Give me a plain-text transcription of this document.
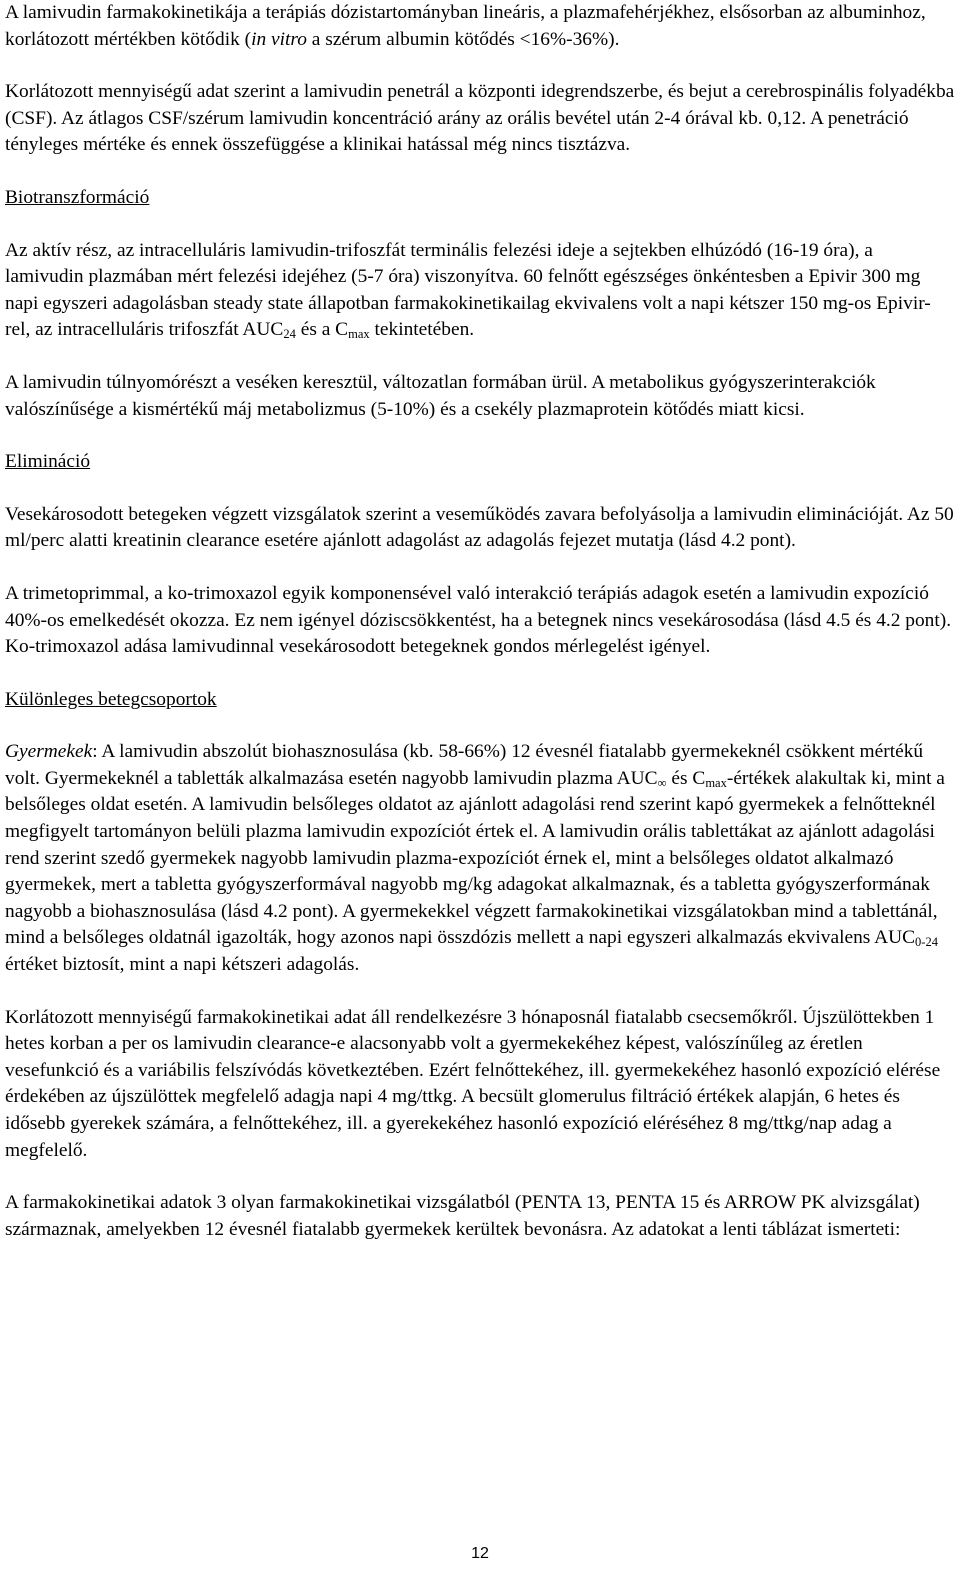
A lamivudin farmakokinetikája a terápiás dózistartományban lineáris, a plazmafehérjékhez, elsősorban az albuminhoz, korlátozott mértékben kötődik (in vitro a szérum albumin kötődés <16%-36%).

Korlátozott mennyiségű adat szerint a lamivudin penetrál a központi idegrendszerbe, és bejut a cerebrospinális folyadékba (CSF). Az átlagos CSF/szérum lamivudin koncentráció arány az orális bevétel után 2-4 órával kb. 0,12. A penetráció tényleges mértéke és ennek összefüggése a klinikai hatással még nincs tisztázva.

Biotranszformáció

Az aktív rész, az intracelluláris lamivudin-trifoszfát terminális felezési ideje a sejtekben elhúzódó (16-19 óra), a lamivudin plazmában mért felezési idejéhez (5-7 óra) viszonyítva. 60 felnőtt egészséges önkéntesben a Epivir 300 mg napi egyszeri adagolásban steady state állapotban farmakokinetikailag ekvivalens volt a napi kétszer 150 mg-os Epivir-rel, az intracelluláris trifoszfát $AUC_{24}$ és a $C_{max}$ tekintetében.

A lamivudin túlnyomórészt a veséken keresztül, változatlan formában ürül. A metabolikus gyógyszerinterakciók valószínűsége a kismértékű máj metabolizmus (5-10%) és a csekély plazmaprotein kötődés miatt kicsi.

Elimináció

Vesekárosodott betegeken végzett vizsgálatok szerint a veseműködés zavara befolyásolja a lamivudin eliminációját. Az 50 ml/perc alatti kreatinin clearance esetére ajánlott adagolást az adagolás fejezet mutatja (lásd 4.2 pont).

A trimetoprimmal, a ko-trimoxazol egyik komponensével való interakció terápiás adagok esetén a lamivudin expozíció 40%-os emelkedését okozza. Ez nem igényel dóziscsökkentést, ha a betegnek nincs vesekárosodása (lásd 4.5 és 4.2 pont). Ko-trimoxazol adása lamivudinnal vesekárosodott betegeknek gondos mérlegelést igényel.

Különleges betegcsoportok

Gyermekek: A lamivudin abszolút biohasznosulása (kb. 58-66%) 12 évesnél fiatalabb gyermekeknél csökkent mértékű volt. Gyermekeknél a tabletták alkalmazása esetén nagyobb lamivudin plazma $AUC_\infty$ és $C_{max}$-értékek alakultak ki, mint a belsőleges oldat esetén. A lamivudin belsőleges oldatot az ajánlott adagolási rend szerint kapó gyermekek a felnőtteknél megfigyelt tartományon belüli plazma lamivudin expozíciót értek el. A lamivudin orális tablettákat az ajánlott adagolási rend szerint szedő gyermekek nagyobb lamivudin plazma-expozíciót érnek el, mint a belsőleges oldatot alkalmazó gyermekek, mert a tabletta gyógyszerformával nagyobb mg/kg adagokat alkalmaznak, és a tabletta gyógyszerformának nagyobb a biohasznosulása (lásd 4.2 pont). A gyermekekkel végzett farmakokinetikai vizsgálatokban mind a tablettánál, mind a belsőleges oldatnál igazolták, hogy azonos napi összdózis mellett a napi egyszeri alkalmazás ekvivalens $AUC_{0-24}$ értéket biztosít, mint a napi kétszeri adagolás.

Korlátozott mennyiségű farmakokinetikai adat áll rendelkezésre 3 hónaposnál fiatalabb csecsemőkről. Újszülöttekben 1 hetes korban a per os lamivudin clearance-e alacsonyabb volt a gyermekekéhez képest, valószínűleg az éretlen vesefunkció és a variábilis felszívódás következtében. Ezért felnőttekéhez, ill. gyermekekéhez hasonló expozíció elérése érdekében az újszülöttek megfelelő adagja napi 4 mg/ttkg. A becsült glomerulus filtráció értékek alapján, 6 hetes és idősebb gyerekek számára, a felnőttekéhez, ill. a gyerekekéhez hasonló expozíció eléréséhez 8 mg/ttkg/nap adag a megfelelő.

A farmakokinetikai adatok 3 olyan farmakokinetikai vizsgálatból (PENTA 13, PENTA 15 és ARROW PK alvizsgálat) származnak, amelyekben 12 évesnél fiatalabb gyermekek kerültek bevonásra. Az adatokat a lenti táblázat ismerteti:

12
